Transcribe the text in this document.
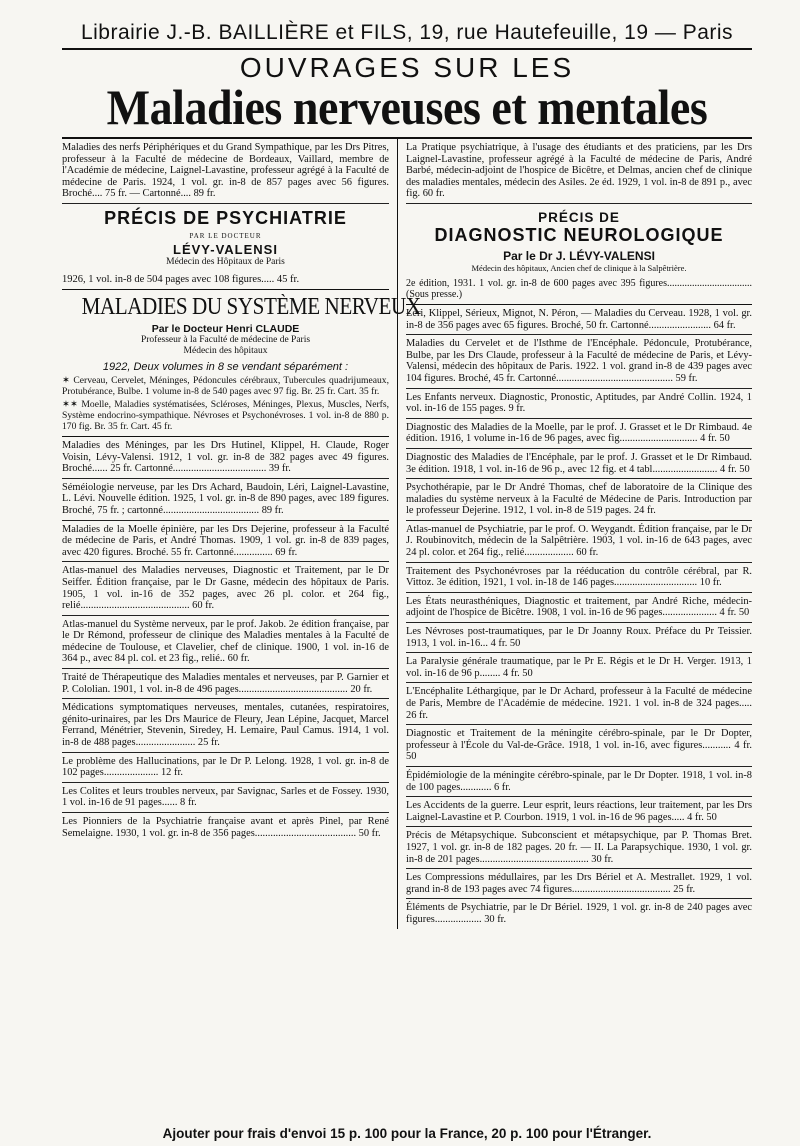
Librairie J.-B. BAILLIÈRE et FILS, 19, rue Hautefeuille, 19 — Paris
OUVRAGES SUR LES
Maladies nerveuses et mentales
Maladies des nerfs Périphériques et du Grand Sympathique, par les Drs Pitres, professeur à la Faculté de médecine de Bordeaux, Vaillard, membre de l'Académie de médecine, Laignel-Lavastine, professeur agrégé à la Faculté de médecine de Paris. 1924, 1 vol. gr. in-8 de 857 pages avec 56 figures. Broché.... 75 fr. — Cartonné.... 89 fr.
PRÉCIS DE PSYCHIATRIE
PAR LE DOCTEUR
LÉVY-VALENSI
Médecin des Hôpitaux de Paris
1926, 1 vol. in-8 de 504 pages avec 108 figures..... 45 fr.
MALADIES DU SYSTÈME NERVEUX
Par le Docteur Henri CLAUDE
Professeur à la Faculté de médecine de Paris
Médecin des hôpitaux
1922, Deux volumes in 8 se vendant séparément :
✶ Cerveau, Cervelet, Méninges, Pédoncules cérébraux, Tubercules quadrijumeaux, Protubérance, Bulbe. 1 volume in-8 de 540 pages avec 97 fig. Br. 25 fr. Cart. 35 fr.
✶✶ Moelle, Maladies systématisées, Scléroses, Méninges, Plexus, Muscles, Nerfs, Système endocrino-sympathique. Névroses et Psychonévroses. 1 vol. in-8 de 880 p. 170 fig. Br. 35 fr. Cart. 45 fr.
Maladies des Méninges, par les Drs Hutinel, Klippel, H. Claude, Roger Voisin, Lévy-Valensi. 1912, 1 vol. gr. in-8 de 382 pages avec 49 figures. Broché...... 25 fr. Cartonné.................................... 39 fr.
Séméiologie nerveuse, par les Drs Achard, Baudoin, Léri, Laignel-Lavastine, L. Lévi. Nouvelle édition. 1925, 1 vol. gr. in-8 de 890 pages, avec 189 figures. Broché, 75 fr. ; cartonné..................................... 89 fr.
Maladies de la Moelle épinière, par les Drs Dejerine, professeur à la Faculté de médecine de Paris, et André Thomas. 1909, 1 vol. gr. in-8 de 839 pages, avec 420 figures. Broché. 55 fr. Cartonné............... 69 fr.
Atlas-manuel des Maladies nerveuses, Diagnostic et Traitement, par le Dr Seiffer. Édition française, par le Dr Gasne, médecin des hôpitaux de Paris. 1905, 1 vol. in-16 de 352 pages, avec 26 pl. color. et 264 fig., relié.......................................... 60 fr.
Atlas-manuel du Système nerveux, par le prof. Jakob. 2e édition française, par le Dr Rémond, professeur de clinique des Maladies mentales à la Faculté de médecine de Toulouse, et Clavelier, chef de clinique. 1900, 1 vol. in-16 de 364 p., avec 84 pl. col. et 23 fig., relié.. 60 fr.
Traité de Thérapeutique des Maladies mentales et nerveuses, par P. Garnier et P. Cololian. 1901, 1 vol. in-8 de 496 pages.......................................... 20 fr.
Médications symptomatiques nerveuses, mentales, cutanées, respiratoires, génito-urinaires, par les Drs Maurice de Fleury, Jean Lépine, Jacquet, Marcel Ferrand, Ménétrier, Stevenin, Siredey, H. Lemaire, Paul Camus. 1914, 1 vol. in-8 de 488 pages....................... 25 fr.
Le problème des Hallucinations, par le Dr P. Lelong. 1928, 1 vol. gr. in-8 de 102 pages..................... 12 fr.
Les Colites et leurs troubles nerveux, par Savignac, Sarles et de Fossey. 1930, 1 vol. in-16 de 91 pages...... 8 fr.
Les Pionniers de la Psychiatrie française avant et après Pinel, par René Semelaigne. 1930, 1 vol. gr. in-8 de 356 pages....................................... 50 fr.
La Pratique psychiatrique, à l'usage des étudiants et des praticiens, par les Drs Laignel-Lavastine, professeur agrégé à la Faculté de médecine de Paris, André Barbé, médecin-adjoint de l'hospice de Bicêtre, et Delmas, ancien chef de clinique des maladies mentales, médecin des Asiles. 2e éd. 1929, 1 vol. in-8 de 891 p., avec fig. 60 fr.
PRÉCIS DE
DIAGNOSTIC NEUROLOGIQUE
Par le Dr J. LÉVY-VALENSI
Médecin des hôpitaux, Ancien chef de clinique à la Salpêtrière.
2e édition, 1931. 1 vol. gr. in-8 de 600 pages avec 395 figures.................................. (Sous presse.)
Léri, Klippel, Sérieux, Mignot, N. Péron, — Maladies du Cerveau. 1928, 1 vol. gr. in-8 de 356 pages avec 65 figures. Broché, 50 fr. Cartonné........................ 64 fr.
Maladies du Cervelet et de l'Isthme de l'Encéphale. Pédoncule, Protubérance, Bulbe, par les Drs Claude, professeur à la Faculté de médecine de Paris, et Lévy-Valensi, médecin des hôpitaux de Paris. 1922. 1 vol. grand in-8 de 439 pages avec 104 figures. Broché, 45 fr. Cartonné............................................. 59 fr.
Les Enfants nerveux. Diagnostic, Pronostic, Aptitudes, par André Collin. 1924, 1 vol. in-16 de 155 pages. 9 fr.
Diagnostic des Maladies de la Moelle, par le prof. J. Grasset et le Dr Rimbaud. 4e édition. 1916, 1 volume in-16 de 96 pages, avec fig.............................. 4 fr. 50
Diagnostic des Maladies de l'Encéphale, par le prof. J. Grasset et le Dr Rimbaud. 3e édition. 1918, 1 vol. in-16 de 96 p., avec 12 fig. et 4 tabl......................... 4 fr. 50
Psychothérapie, par le Dr André Thomas, chef de laboratoire de la Clinique des maladies du système nerveux à la Faculté de Médecine de Paris. Introduction par le professeur Dejerine. 1912, 1 vol. in-8 de 519 pages. 24 fr.
Atlas-manuel de Psychiatrie, par le prof. O. Weygandt. Édition française, par le Dr J. Roubinovitch, médecin de la Salpêtrière. 1903, 1 vol. in-16 de 643 pages, avec 24 pl. color. et 264 fig., relié................... 60 fr.
Traitement des Psychonévroses par la rééducation du contrôle cérébral, par R. Vittoz. 3e édition, 1921, 1 vol. in-18 de 146 pages................................ 10 fr.
Les États neurasthéniques, Diagnostic et traitement, par André Riche, médecin-adjoint de l'hospice de Bicêtre. 1908, 1 vol. in-16 de 96 pages..................... 4 fr. 50
Les Névroses post-traumatiques, par le Dr Joanny Roux. Préface du Pr Teissier. 1913, 1 vol. in-16... 4 fr. 50
La Paralysie générale traumatique, par le Pr E. Régis et le Dr H. Verger. 1913, 1 vol. in-16 de 96 p........ 4 fr. 50
L'Encéphalite Léthargique, par le Dr Achard, professeur à la Faculté de médecine de Paris, Membre de l'Académie de médecine. 1921. 1 vol. in-8 de 324 pages..... 26 fr.
Diagnostic et Traitement de la méningite cérébro-spinale, par le Dr Dopter, professeur à l'École du Val-de-Grâce. 1918, 1 vol. in-16, avec figures........... 4 fr. 50
Épidémiologie de la méningite cérébro-spinale, par le Dr Dopter. 1918, 1 vol. in-8 de 100 pages............ 6 fr.
Les Accidents de la guerre. Leur esprit, leurs réactions, leur traitement, par les Drs Laignel-Lavastine et P. Courbon. 1919, 1 vol. in-16 de 96 pages..... 4 fr. 50
Précis de Métapsychique. Subconscient et métapsychique, par P. Thomas Bret. 1927, 1 vol. gr. in-8 de 182 pages. 20 fr. — II. La Parapsychique. 1930, 1 vol. gr. in-8 de 201 pages.......................................... 30 fr.
Les Compressions médullaires, par les Drs Bériel et A. Mestrallet. 1929, 1 vol. grand in-8 de 193 pages avec 74 figures...................................... 25 fr.
Éléments de Psychiatrie, par le Dr Bériel. 1929, 1 vol. gr. in-8 de 240 pages avec figures.................. 30 fr.
Ajouter pour frais d'envoi 15 p. 100 pour la France, 20 p. 100 pour l'Étranger.
